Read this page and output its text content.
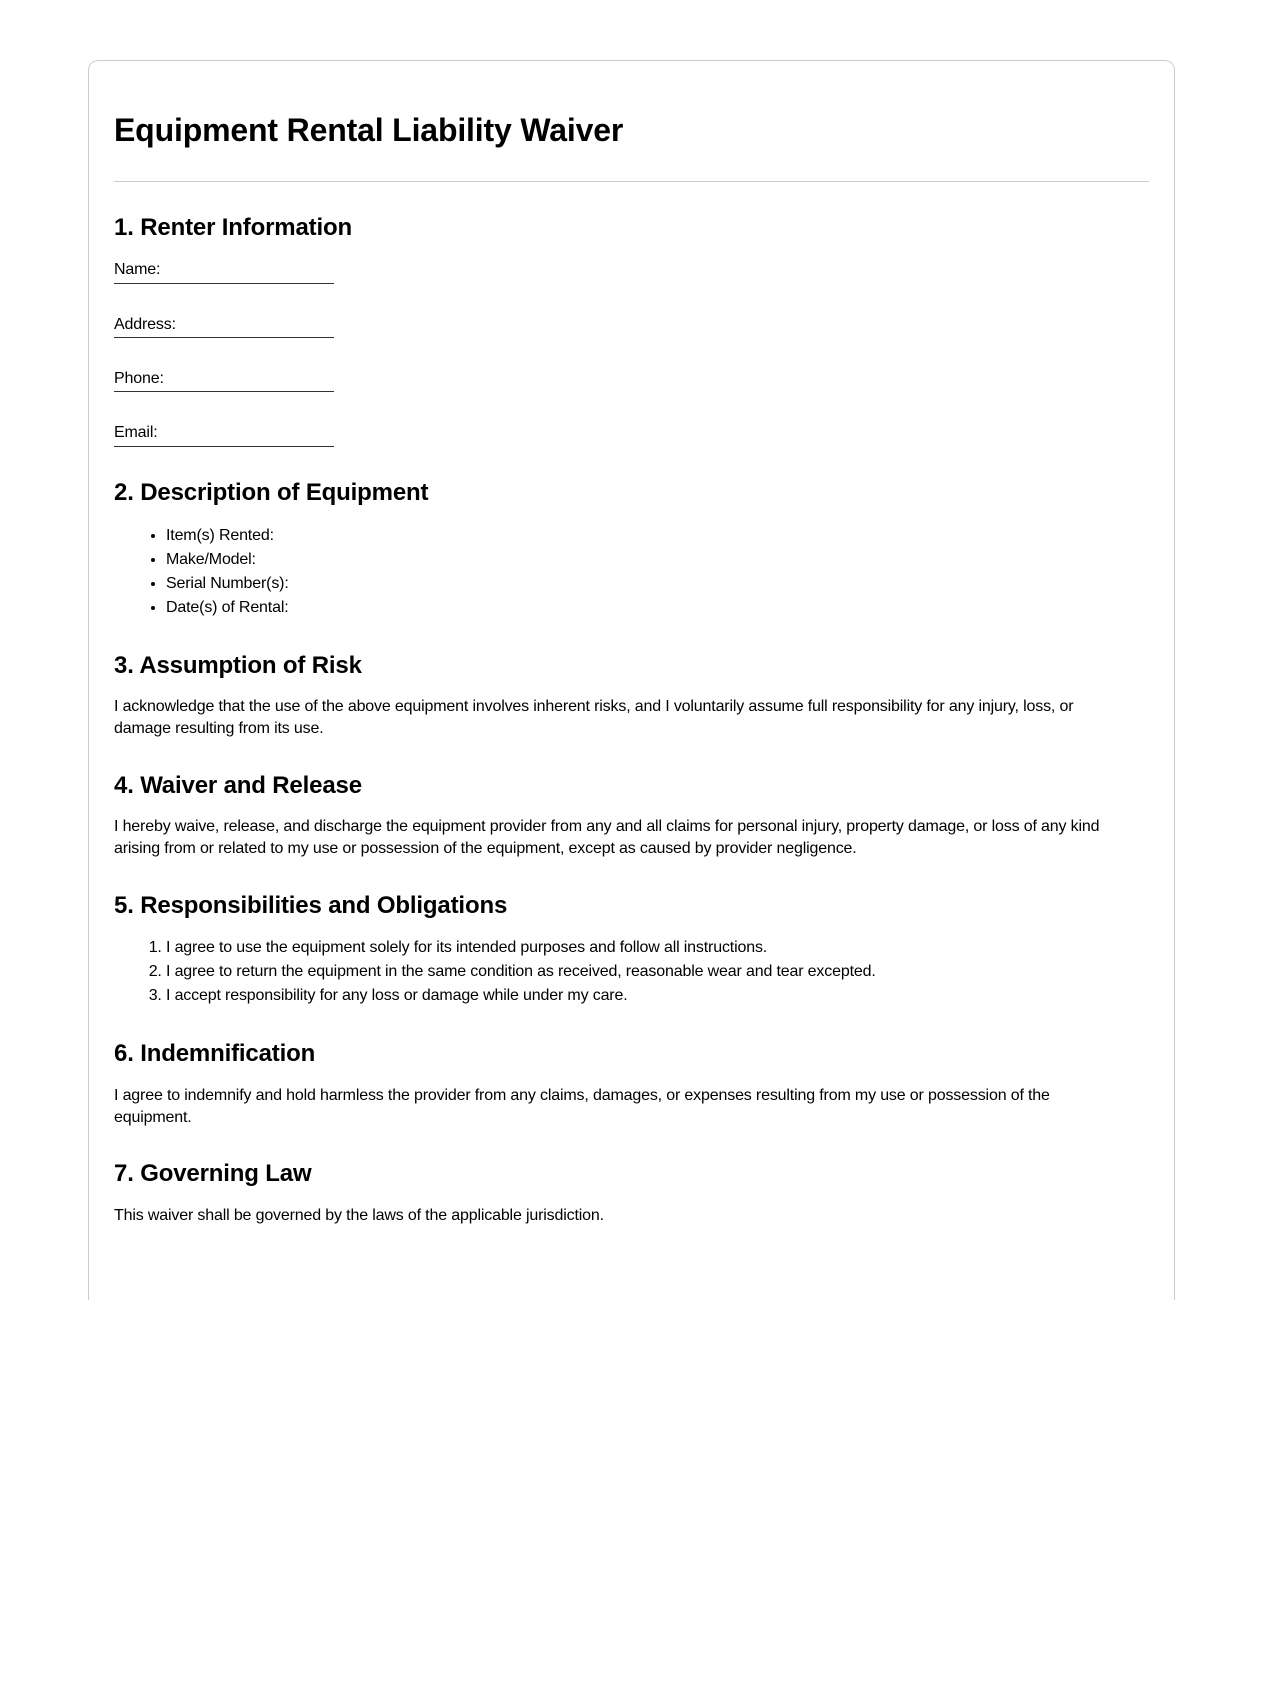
Equipment Rental Liability Waiver
1. Renter Information
Name:
Address:
Phone:
Email:
2. Description of Equipment
• Item(s) Rented:
• Make/Model:
• Serial Number(s):
• Date(s) of Rental:
3. Assumption of Risk

I acknowledge that the use of the above equipment involves inherent risks, and I voluntarily assume full responsibility for any injury, loss, or
damage resulting from its use.

4. Waiver and Release

I hereby waive, release, and discharge the equipment provider from any and all claims for personal injury, property damage, or loss of any kind
arising from or related to my use or possession of the equipment, except as caused by provider negligence.

5. Responsibilities and Obligations
1. I agree to use the equipment solely for its intended purposes and follow all instructions.
2. I agree to return the equipment in the same condition as received, reasonable wear and tear excepted.
3. I accept responsibility for any loss or damage while under my care.
6. Indemnification

I agree to indemnify and hold harmless the provider from any claims, damages, or expenses resulting from my use or possession of the
equipment.

7. Governing Law

This waiver shall be governed by the laws of the applicable jurisdiction.
